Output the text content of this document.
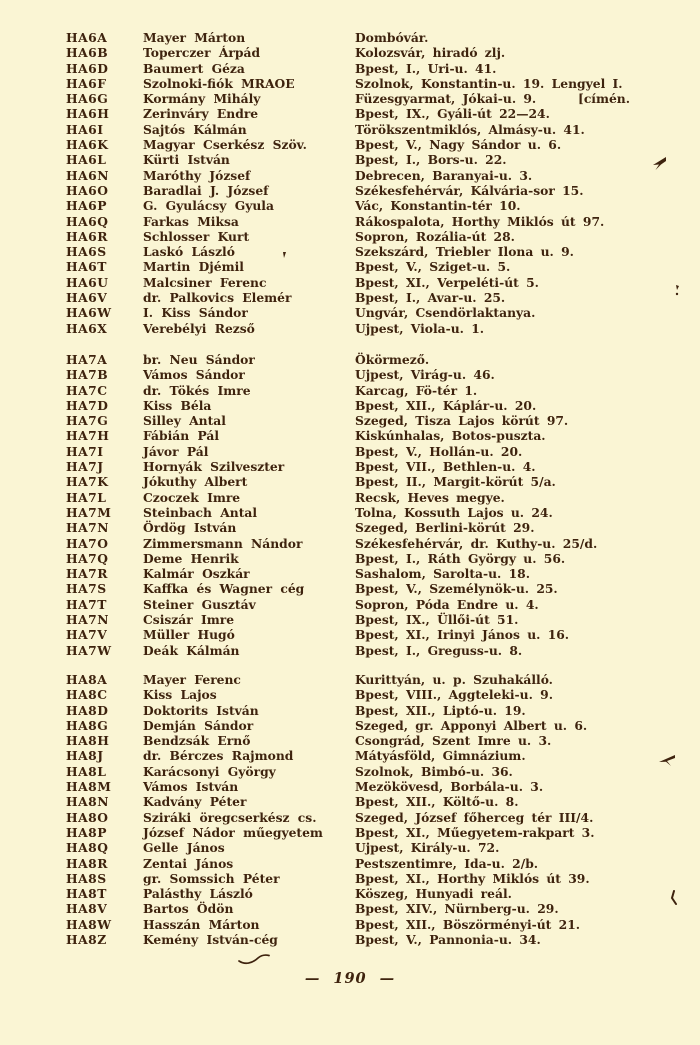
HA6A	Mayer Márton	Dombóvár.
HA6B	Toperczer Árpád	Kolozsvár, hiradó zlj.
HA6D	Baumert Géza	Bpest, I., Uri-u. 41.
HA6F	Szolnoki-fiók MRAOE	Szolnok, Konstantin-u. 19. Lengyel I.
HA6G	Kormány Mihály	Füzesgyarmat, Jókai-u. 9.	[címén.
HA6H	Zerinváry Endre	Bpest, IX., Gyáli-út 22—24.
HA6I	Sajtós Kálmán	Törökszentmiklós, Almásy-u. 41.
HA6K	Magyar Cserkész Szöv.	Bpest, V., Nagy Sándor u. 6.
HA6L	Kürti István	Bpest, I., Bors-u. 22.
HA6N	Maróthy József	Debrecen, Baranyai-u. 3.
HA6O	Baradlai J. József	Székesfehérvár, Kálvária-sor 15.
HA6P	G. Gyulácsy Gyula	Vác, Konstantin-tér 10.
HA6Q	Farkas Miksa	Rákospalota, Horthy Miklós út 97.
HA6R	Schlosser Kurt	Sopron, Rozália-út 28.
HA6S	Laskó László	Szekszárd, Triebler Ilona u. 9.
HA6T	Martin Djémil	Bpest, V., Sziget-u. 5.
HA6U	Malcsiner Ferenc	Bpest, XI., Verpeléti-út 5.
HA6V	dr. Palkovics Elemér	Bpest, I., Avar-u. 25.
HA6W	I. Kiss Sándor	Ungvár, Csendörlaktanya.
HA6X	Verebélyi Rezső	Ujpest, Viola-u. 1.
HA7A	br. Neu Sándor	Ökörmező.
HA7B	Vámos Sándor	Ujpest, Virág-u. 46.
HA7C	dr. Tökés Imre	Karcag, Fö-tér 1.
HA7D	Kiss Béla	Bpest, XII., Káplár-u. 20.
HA7G	Silley Antal	Szeged, Tisza Lajos körút 97.
HA7H	Fábián Pál	Kiskúnhalas, Botos-puszta.
HA7I	Jávor Pál	Bpest, V., Hollán-u. 20.
HA7J	Hornyák Szilveszter	Bpest, VII., Bethlen-u. 4.
HA7K	Jókuthy Albert	Bpest, II., Margit-körút 5/a.
HA7L	Czoczek Imre	Recsk, Heves megye.
HA7M	Steinbach Antal	Tolna, Kossuth Lajos u. 24.
HA7N	Ördög István	Szeged, Berlini-körút 29.
HA7O	Zimmersmann Nándor	Székesfehérvár, dr. Kuthy-u. 25/d.
HA7Q	Deme Henrik	Bpest, I., Ráth György u. 56.
HA7R	Kalmár Oszkár	Sashalom, Sarolta-u. 18.
HA7S	Kaffka és Wagner cég	Bpest, V., Személynök-u. 25.
HA7T	Steiner Gusztáv	Sopron, Póda Endre u. 4.
HA7N	Csiszár Imre	Bpest, IX., Üllői-út 51.
HA7V	Müller Hugó	Bpest, XI., Irinyi János u. 16.
HA7W	Deák Kálmán	Bpest, I., Greguss-u. 8.
HA8A	Mayer Ferenc	Kurittyán, u. p. Szuhakálló.
HA8C	Kiss Lajos	Bpest, VIII., Aggteleki-u. 9.
HA8D	Doktorits István	Bpest, XII., Liptó-u. 19.
HA8G	Demján Sándor	Szeged, gr. Apponyi Albert u. 6.
HA8H	Bendzsák Ernő	Csongrád, Szent Imre u. 3.
HA8J	dr. Bérczes Rajmond	Mátyásföld, Gimnázium.
HA8L	Karácsonyi György	Szolnok, Bimbó-u. 36.
HA8M	Vámos István	Mezökövesd, Borbála-u. 3.
HA8N	Kadvány Péter	Bpest, XII., Költő-u. 8.
HA8O	Sziráki öregcserkész cs.	Szeged, József főherceg tér III/4.
HA8P	József Nádor műegyetem	Bpest, XI., Műegyetem-rakpart 3.
HA8Q	Gelle János	Ujpest, Király-u. 72.
HA8R	Zentai János	Pestszentimre, Ida-u. 2/b.
HA8S	gr. Somssich Péter	Bpest, XI., Horthy Miklós út 39.
HA8T	Palásthy László	Köszeg, Hunyadi reál.
HA8V	Bartos Ödön	Bpest, XIV., Nürnberg-u. 29.
HA8W	Hasszán Márton	Bpest, XII., Böszörményi-út 21.
HA8Z	Kemény István-cég	Bpest, V., Pannonia-u. 34.
— 190 —
